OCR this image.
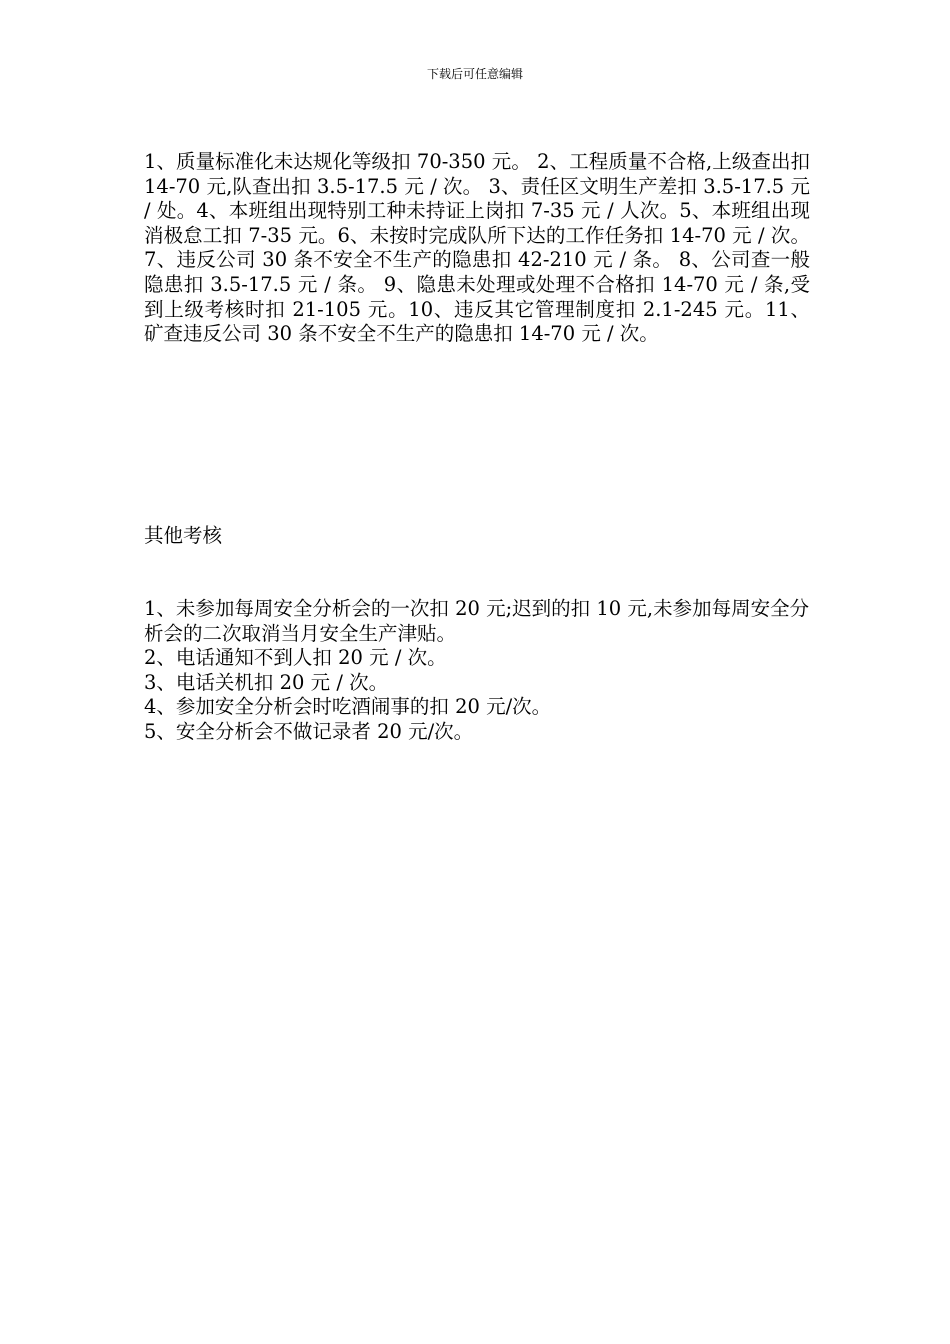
下载后可任意编辑

1、质量标准化未达规化等级扣 70-350 元。 2、工程质量不合格,上级查出扣 14-70 元,队查出扣 3.5-17.5 元 / 次。 3、责任区文明生产差扣 3.5-17.5 元 / 处。4、本班组出现特别工种未持证上岗扣 7-35 元 / 人次。5、本班组出现消极怠工扣 7-35 元。6、未按时完成队所下达的工作任务扣 14-70 元 / 次。7、违反公司 30 条不安全不生产的隐患扣 42-210 元 / 条。 8、公司查一般隐患扣 3.5-17.5 元 / 条。 9、隐患未处理或处理不合格扣 14-70 元 / 条,受到上级考核时扣 21-105 元。10、违反其它管理制度扣 2.1-245 元。11、矿查违反公司 30 条不安全不生产的隐患扣 14-70 元 / 次。

其他考核
1、未参加每周安全分析会的一次扣 20 元;迟到的扣 10 元,未参加每周安全分析会的二次取消当月安全生产津贴。
2、电话通知不到人扣 20 元 / 次。
3、电话关机扣 20 元 / 次。
4、参加安全分析会时吃酒闹事的扣 20 元/次。
5、安全分析会不做记录者 20 元/次。
